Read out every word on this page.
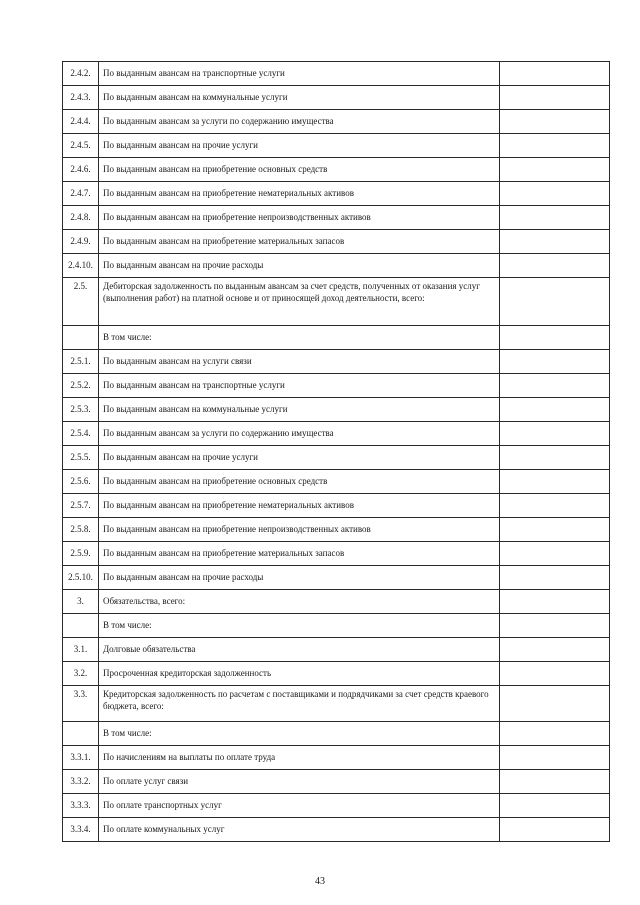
2.4.2.	По выданным авансам на транспортные услуги	
2.4.3.	По выданным авансам на коммунальные услуги	
2.4.4.	По выданным авансам за услуги по содержанию имущества	
2.4.5.	По выданным авансам на прочие услуги	
2.4.6.	По выданным авансам на приобретение основных средств	
2.4.7.	По выданным авансам на приобретение нематериальных активов	
2.4.8.	По выданным авансам на приобретение непроизводственных активов	
2.4.9.	По выданным авансам на приобретение материальных запасов	
2.4.10.	По выданным авансам на прочие расходы	
2.5.	Дебиторская задолженность по выданным авансам за счет средств, полученных от оказания услуг (выполнения работ) на платной основе и от приносящей доход деятельности, всего:	
	В том числе:	
2.5.1.	По выданным авансам на услуги связи	
2.5.2.	По выданным авансам на транспортные услуги	
2.5.3.	По выданным авансам на коммунальные услуги	
2.5.4.	По выданным авансам за услуги по содержанию имущества	
2.5.5.	По выданным авансам на прочие услуги	
2.5.6.	По выданным авансам на приобретение основных средств	
2.5.7.	По выданным авансам на приобретение нематериальных активов	
2.5.8.	По выданным авансам на приобретение непроизводственных активов	
2.5.9.	По выданным авансам на приобретение материальных запасов	
2.5.10.	По выданным авансам на прочие расходы	
3.	Обязательства, всего:	
	В том числе:	
3.1.	Долговые обязательства	
3.2.	Просроченная кредиторская задолженность	
3.3.	Кредиторская задолженность по расчетам с поставщиками и подрядчиками за счет средств краевого бюджета, всего:	
	В том числе:	
3.3.1.	По начислениям на выплаты по оплате труда	
3.3.2.	По оплате услуг связи	
3.3.3.	По оплате транспортных услуг	
3.3.4.	По оплате коммунальных услуг	
43
